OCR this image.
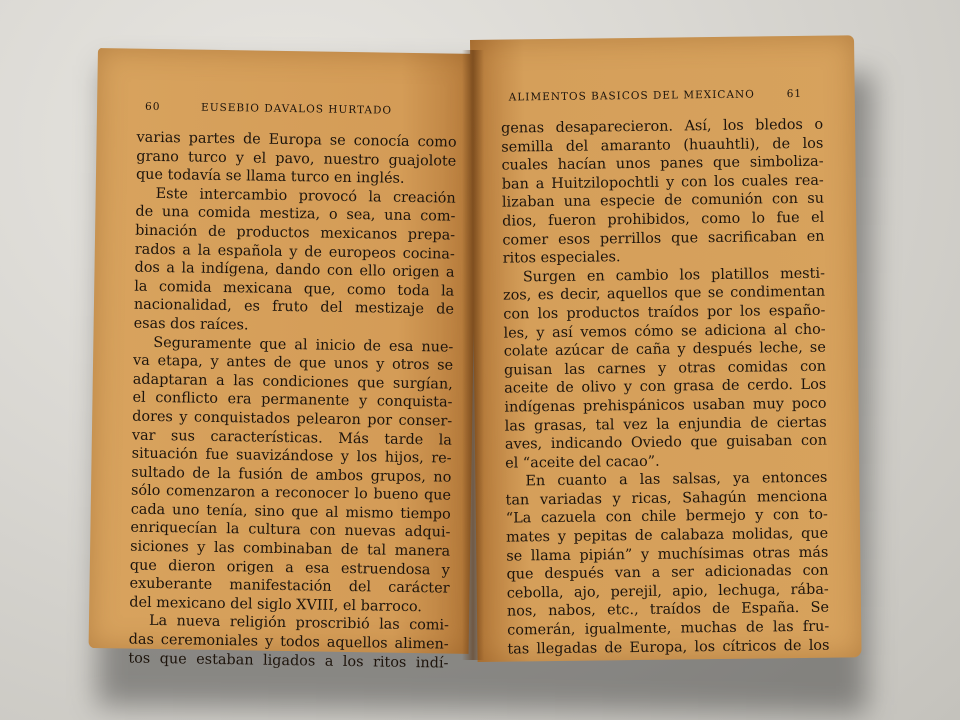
60	EUSEBIO DAVALOS HURTADO
varias partes de Europa se conocía como
grano turco y el pavo, nuestro guajolote
que todavía se llama turco en inglés.
Este intercambio provocó la creación
de una comida mestiza, o sea, una com-
binación de productos mexicanos prepa-
rados a la española y de europeos cocina-
dos a la indígena, dando con ello origen a
la comida mexicana que, como toda la
nacionalidad, es fruto del mestizaje de
esas dos raíces.
Seguramente que al inicio de esa nue-
va etapa, y antes de que unos y otros se
adaptaran a las condiciones que surgían,
el conflicto era permanente y conquista-
dores y conquistados pelearon por conser-
var sus características. Más tarde la
situación fue suavizándose y los hijos, re-
sultado de la fusión de ambos grupos, no
sólo comenzaron a reconocer lo bueno que
cada uno tenía, sino que al mismo tiempo
enriquecían la cultura con nuevas adqui-
siciones y las combinaban de tal manera
que dieron origen a esa estruendosa y
exuberante manifestación del carácter
del mexicano del siglo XVIII, el barroco.
La nueva religión proscribió las comi-
das ceremoniales y todos aquellos alimen-
tos que estaban ligados a los ritos indí-
ALIMENTOS BASICOS DEL MEXICANO	61
genas desaparecieron. Así, los bledos o
semilla del amaranto (huauhtli), de los
cuales hacían unos panes que simboliza-
ban a Huitzilopochtli y con los cuales rea-
lizaban una especie de comunión con su
dios, fueron prohibidos, como lo fue el
comer esos perrillos que sacrificaban en
ritos especiales.
Surgen en cambio los platillos mesti-
zos, es decir, aquellos que se condimentan
con los productos traídos por los españo-
les, y así vemos cómo se adiciona al cho-
colate azúcar de caña y después leche, se
guisan las carnes y otras comidas con
aceite de olivo y con grasa de cerdo. Los
indígenas prehispánicos usaban muy poco
las grasas, tal vez la enjundia de ciertas
aves, indicando Oviedo que guisaban con
el “aceite del cacao”.
En cuanto a las salsas, ya entonces
tan variadas y ricas, Sahagún menciona
“La cazuela con chile bermejo y con to-
mates y pepitas de calabaza molidas, que
se llama pipián” y muchísimas otras más
que después van a ser adicionadas con
cebolla, ajo, perejil, apio, lechuga, rába-
nos, nabos, etc., traídos de España. Se
comerán, igualmente, muchas de las fru-
tas llegadas de Europa, los cítricos de los
